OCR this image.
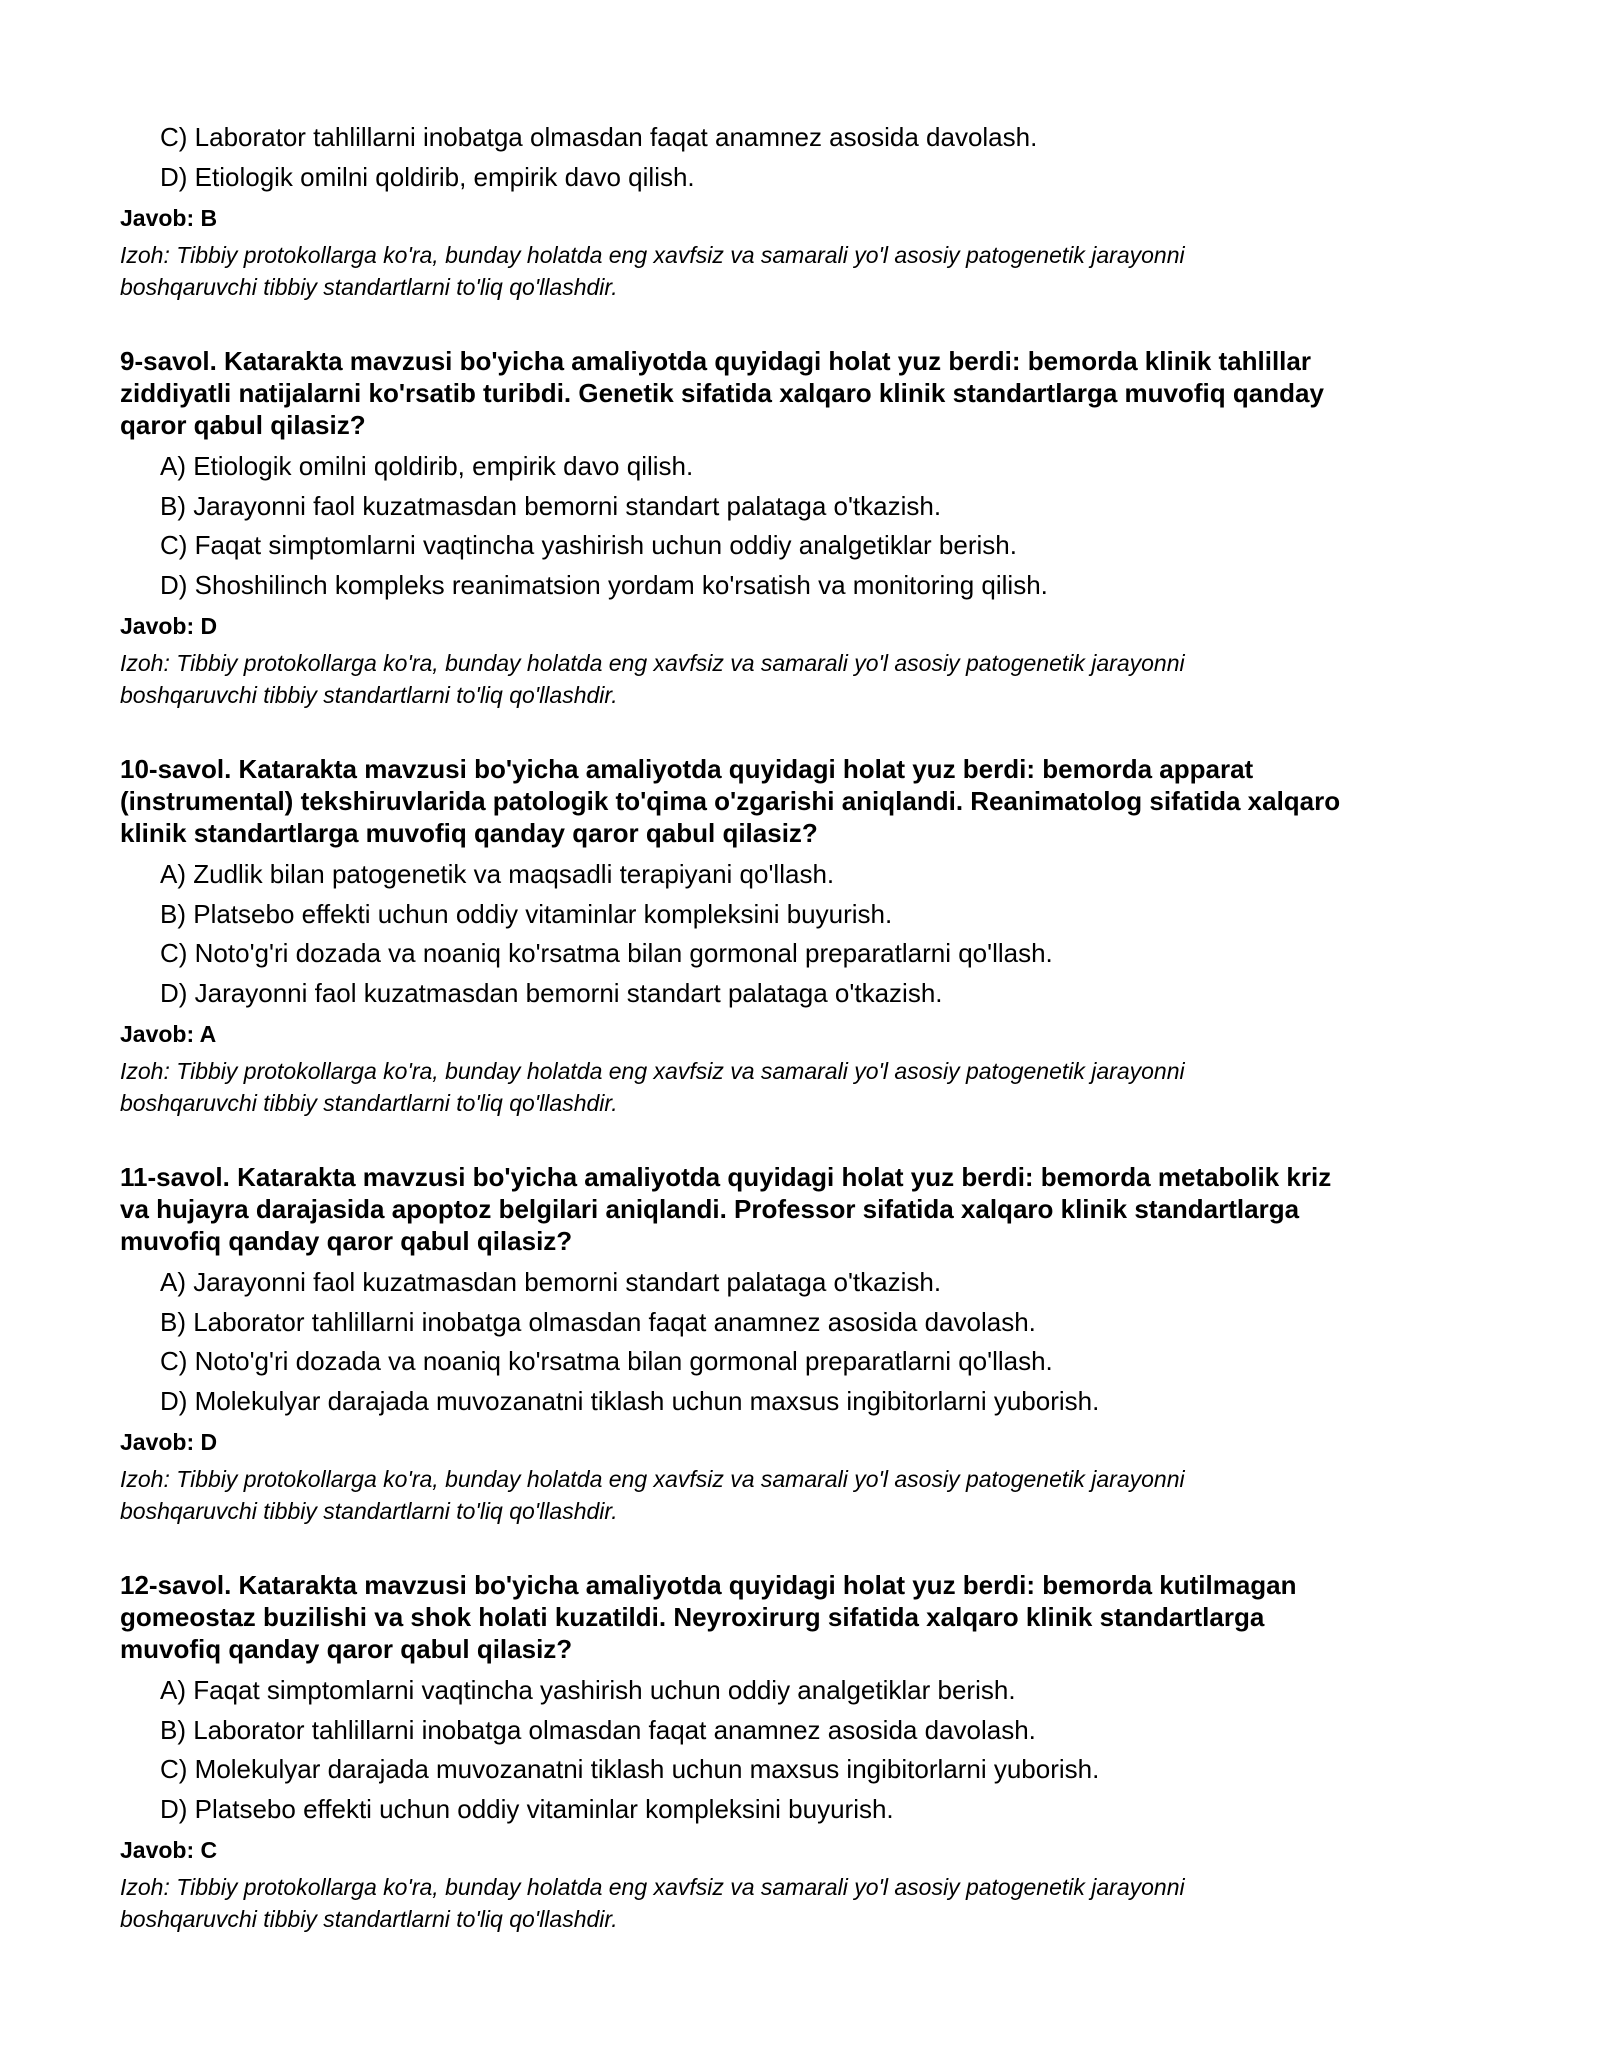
C) Laborator tahlillarni inobatga olmasdan faqat anamnez asosida davolash.
D) Etiologik omilni qoldirib, empirik davo qilish.
Javob: B
Izoh: Tibbiy protokollarga ko'ra, bunday holatda eng xavfsiz va samarali yo'l asosiy patogenetik jarayonni
boshqaruvchi tibbiy standartlarni to'liq qo'llashdir.
9-savol. Katarakta mavzusi bo'yicha amaliyotda quyidagi holat yuz berdi: bemorda klinik tahlillar
ziddiyatli natijalarni ko'rsatib turibdi. Genetik sifatida xalqaro klinik standartlarga muvofiq qanday
qaror qabul qilasiz?
A) Etiologik omilni qoldirib, empirik davo qilish.
B) Jarayonni faol kuzatmasdan bemorni standart palataga o'tkazish.
C) Faqat simptomlarni vaqtincha yashirish uchun oddiy analgetiklar berish.
D) Shoshilinch kompleks reanimatsion yordam ko'rsatish va monitoring qilish.
Javob: D
Izoh: Tibbiy protokollarga ko'ra, bunday holatda eng xavfsiz va samarali yo'l asosiy patogenetik jarayonni
boshqaruvchi tibbiy standartlarni to'liq qo'llashdir.
10-savol. Katarakta mavzusi bo'yicha amaliyotda quyidagi holat yuz berdi: bemorda apparat
(instrumental) tekshiruvlarida patologik to'qima o'zgarishi aniqlandi. Reanimatolog sifatida xalqaro
klinik standartlarga muvofiq qanday qaror qabul qilasiz?
A) Zudlik bilan patogenetik va maqsadli terapiyani qo'llash.
B) Platsebo effekti uchun oddiy vitaminlar kompleksini buyurish.
C) Noto'g'ri dozada va noaniq ko'rsatma bilan gormonal preparatlarni qo'llash.
D) Jarayonni faol kuzatmasdan bemorni standart palataga o'tkazish.
Javob: A
Izoh: Tibbiy protokollarga ko'ra, bunday holatda eng xavfsiz va samarali yo'l asosiy patogenetik jarayonni
boshqaruvchi tibbiy standartlarni to'liq qo'llashdir.
11-savol. Katarakta mavzusi bo'yicha amaliyotda quyidagi holat yuz berdi: bemorda metabolik kriz
va hujayra darajasida apoptoz belgilari aniqlandi. Professor sifatida xalqaro klinik standartlarga
muvofiq qanday qaror qabul qilasiz?
A) Jarayonni faol kuzatmasdan bemorni standart palataga o'tkazish.
B) Laborator tahlillarni inobatga olmasdan faqat anamnez asosida davolash.
C) Noto'g'ri dozada va noaniq ko'rsatma bilan gormonal preparatlarni qo'llash.
D) Molekulyar darajada muvozanatni tiklash uchun maxsus ingibitorlarni yuborish.
Javob: D
Izoh: Tibbiy protokollarga ko'ra, bunday holatda eng xavfsiz va samarali yo'l asosiy patogenetik jarayonni
boshqaruvchi tibbiy standartlarni to'liq qo'llashdir.
12-savol. Katarakta mavzusi bo'yicha amaliyotda quyidagi holat yuz berdi: bemorda kutilmagan
gomeostaz buzilishi va shok holati kuzatildi. Neyroxirurg sifatida xalqaro klinik standartlarga
muvofiq qanday qaror qabul qilasiz?
A) Faqat simptomlarni vaqtincha yashirish uchun oddiy analgetiklar berish.
B) Laborator tahlillarni inobatga olmasdan faqat anamnez asosida davolash.
C) Molekulyar darajada muvozanatni tiklash uchun maxsus ingibitorlarni yuborish.
D) Platsebo effekti uchun oddiy vitaminlar kompleksini buyurish.
Javob: C
Izoh: Tibbiy protokollarga ko'ra, bunday holatda eng xavfsiz va samarali yo'l asosiy patogenetik jarayonni
boshqaruvchi tibbiy standartlarni to'liq qo'llashdir.
